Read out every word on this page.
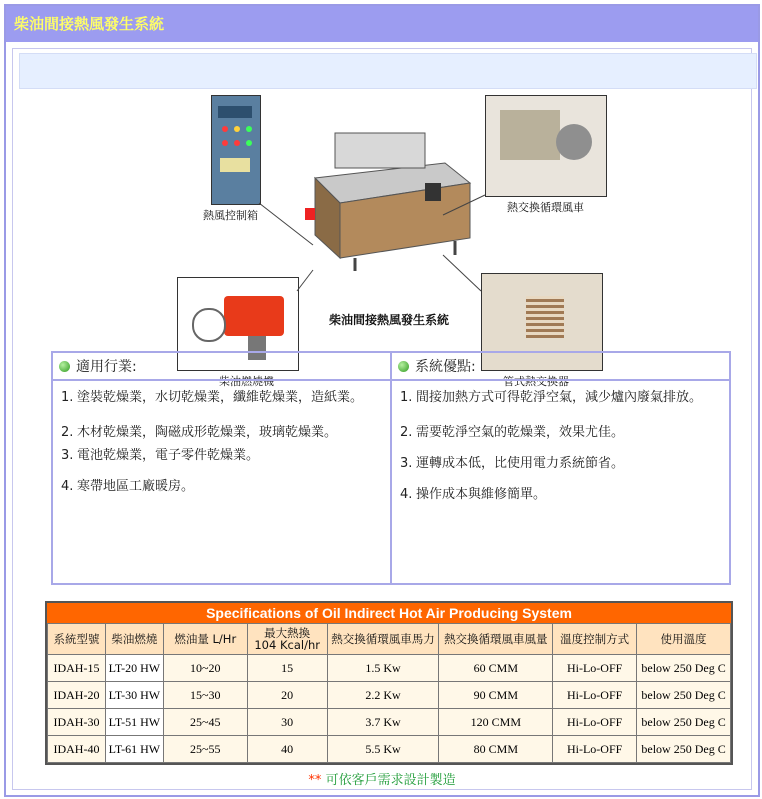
柴油間接熱風發生系統
熱風控制箱
柴油燃燒機
柴油間接熱風發生系統
熱交換循環風車
管式熱交換器
適用行業:
1. 塗裝乾燥業，水切乾燥業，纖維乾燥業，造紙業。
2. 木材乾燥業，陶磁成形乾燥業，玻璃乾燥業。
3. 電池乾燥業，電子零件乾燥業。
4. 寒帶地區工廠暖房。
系統優點:
1. 間接加熱方式可得乾淨空氣，減少爐內廢氣排放。
2. 需要乾淨空氣的乾燥業，效果尤佳。
3. 運轉成本低，比使用電力系統節省。
4. 操作成本與維修簡單。
Specifications of Oil Indirect Hot Air Producing System
系統型號	柴油燃燒	燃油量 L/Hr	最大熱換
104 Kcal/hr	熱交換循環風車馬力	熱交換循環風車風量	溫度控制方式	使用溫度
IDAH-15	LT-20 HW	10~20	15	1.5 Kw	60 CMM	Hi-Lo-OFF	below 250 Deg C
IDAH-20	LT-30 HW	15~30	20	2.2 Kw	90 CMM	Hi-Lo-OFF	below 250 Deg C
IDAH-30	LT-51 HW	25~45	30	3.7 Kw	120 CMM	Hi-Lo-OFF	below 250 Deg C
IDAH-40	LT-61 HW	25~55	40	5.5 Kw	80 CMM	Hi-Lo-OFF	below 250 Deg C
** 可依客戶需求設計製造
